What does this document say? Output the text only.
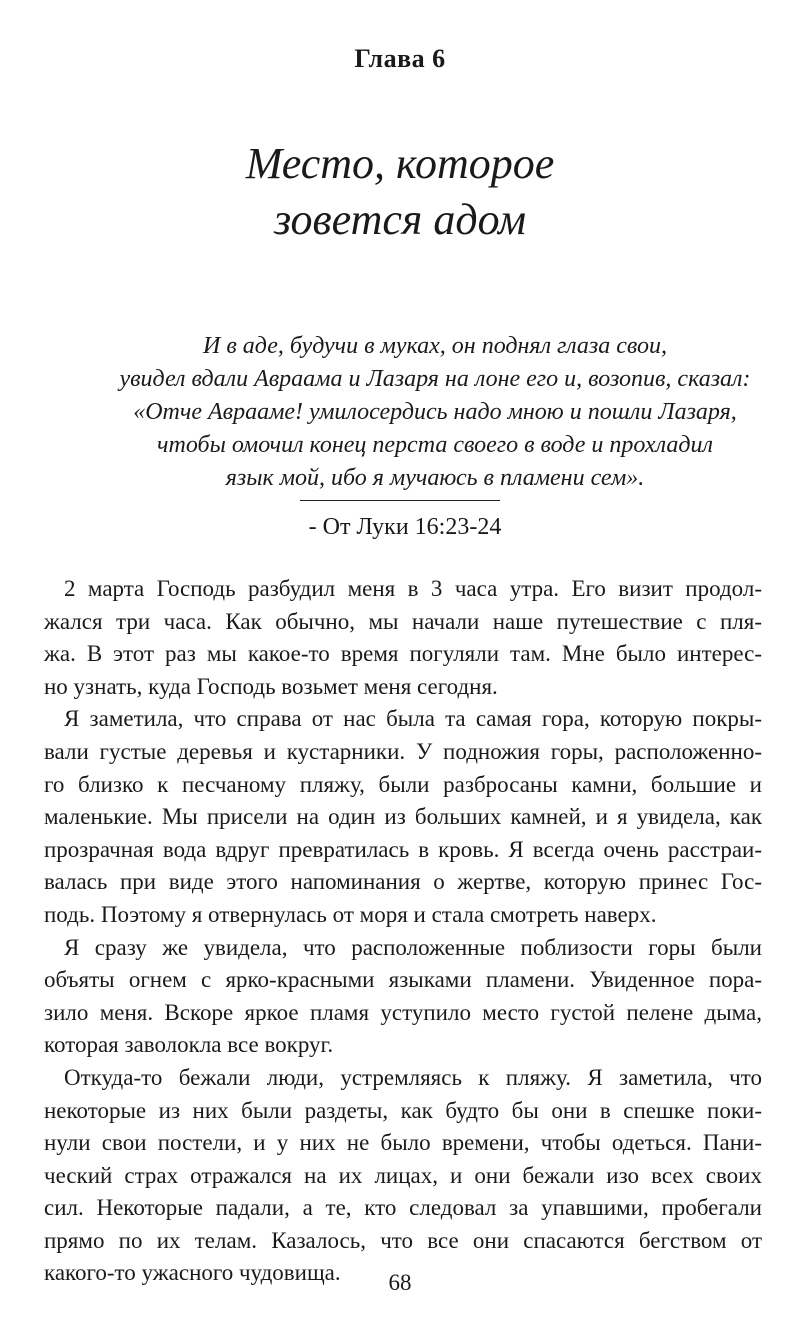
Глава 6
Место, которое
зовется адом
И в аде, будучи в муках, он поднял глаза свои,
увидел вдали Авраама и Лазаря на лоне его и, возопив, сказал:
«Отче Аврааме! умилосердись надо мною и пошли Лазаря,
чтобы омочил конец перста своего в воде и прохладил
язык мой, ибо я мучаюсь в пламени сем».
- От Луки 16:23-24
2 марта Господь разбудил меня в 3 часа утра. Его визит продол-
жался три часа. Как обычно, мы начали наше путешествие с пля-
жа. В этот раз мы какое-то время погуляли там. Мне было интерес-
но узнать, куда Господь возьмет меня сегодня.
Я заметила, что справа от нас была та самая гора, которую покры-
вали густые деревья и кустарники. У подножия горы, расположенно-
го близко к песчаному пляжу, были разбросаны камни, большие и
маленькие. Мы присели на один из больших камней, и я увидела, как
прозрачная вода вдруг превратилась в кровь. Я всегда очень расстраи-
валась при виде этого напоминания о жертве, которую принес Гос-
подь. Поэтому я отвернулась от моря и стала смотреть наверх.
Я сразу же увидела, что расположенные поблизости горы были
объяты огнем с ярко-красными языками пламени. Увиденное пора-
зило меня. Вскоре яркое пламя уступило место густой пелене дыма,
которая заволокла все вокруг.
Откуда-то бежали люди, устремляясь к пляжу. Я заметила, что
некоторые из них были раздеты, как будто бы они в спешке поки-
нули свои постели, и у них не было времени, чтобы одеться. Пани-
ческий страх отражался на их лицах, и они бежали изо всех своих
сил. Некоторые падали, а те, кто следовал за упавшими, пробегали
прямо по их телам. Казалось, что все они спасаются бегством от
какого-то ужасного чудовища.	68
